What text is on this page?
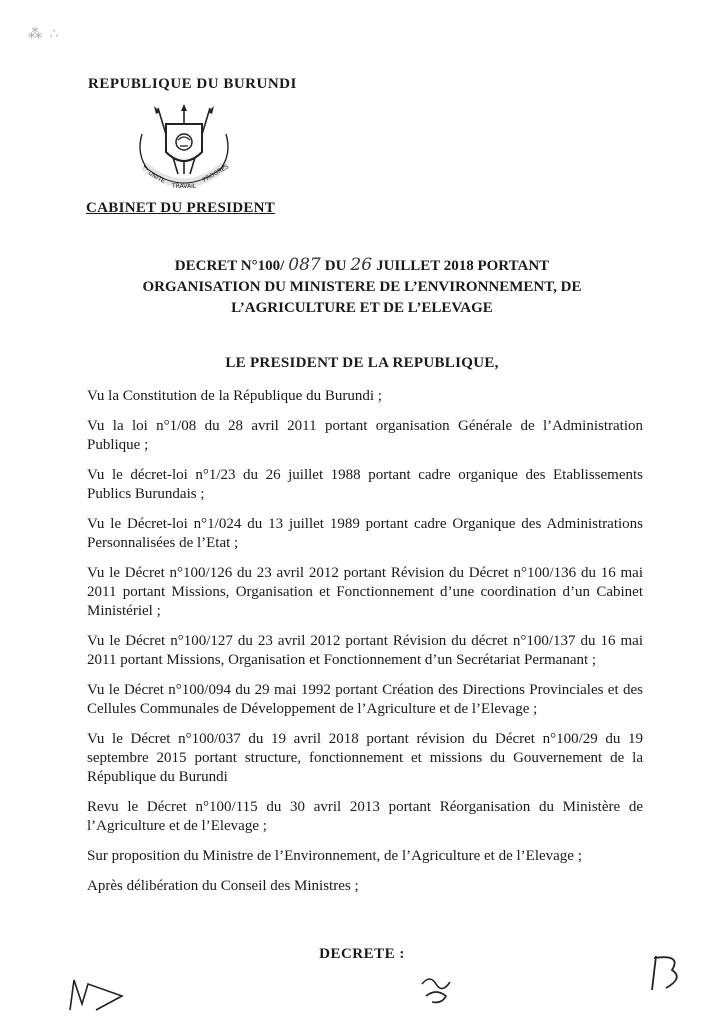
⁂ ∴
REPUBLIQUE DU BURUNDI
UNITE
TRAVAIL
PROGRES
CABINET DU PRESIDENT
DECRET N°100/ 087 DU 26 JUILLET 2018 PORTANT
ORGANISATION DU MINISTERE DE L’ENVIRONNEMENT, DE
L’AGRICULTURE ET DE L’ELEVAGE
LE PRESIDENT DE LA REPUBLIQUE,

Vu la Constitution de la République du Burundi ;

Vu la loi n°1/08 du 28 avril 2011 portant organisation Générale de l’Administration Publique ;

Vu le décret-loi n°1/23 du 26 juillet 1988 portant cadre organique des Etablissements Publics Burundais ;

Vu le Décret-loi n°1/024 du 13 juillet 1989 portant cadre Organique des Administrations Personnalisées de l’Etat ;

Vu le Décret n°100/126 du 23 avril 2012 portant Révision du Décret n°100/136 du 16 mai 2011 portant Missions, Organisation et Fonctionnement d’une coordination d’un Cabinet Ministériel ;

Vu le Décret n°100/127 du 23 avril 2012 portant Révision du décret n°100/137 du 16 mai 2011 portant Missions, Organisation et Fonctionnement d’un Secrétariat Permanant ;

Vu le Décret n°100/094 du 29 mai 1992 portant Création des Directions Provinciales et des Cellules Communales de Développement de l’Agriculture et de l’Elevage ;

Vu le Décret n°100/037 du 19 avril 2018 portant révision du Décret n°100/29 du 19 septembre 2015 portant structure, fonctionnement et missions du Gouvernement de la République du Burundi

Revu le Décret n°100/115 du 30 avril 2013 portant Réorganisation du Ministère de l’Agriculture et de l’Elevage ;

Sur proposition du Ministre de l’Environnement, de l’Agriculture et de l’Elevage ;

Après délibération du Conseil des Ministres ;

DECRETE :
